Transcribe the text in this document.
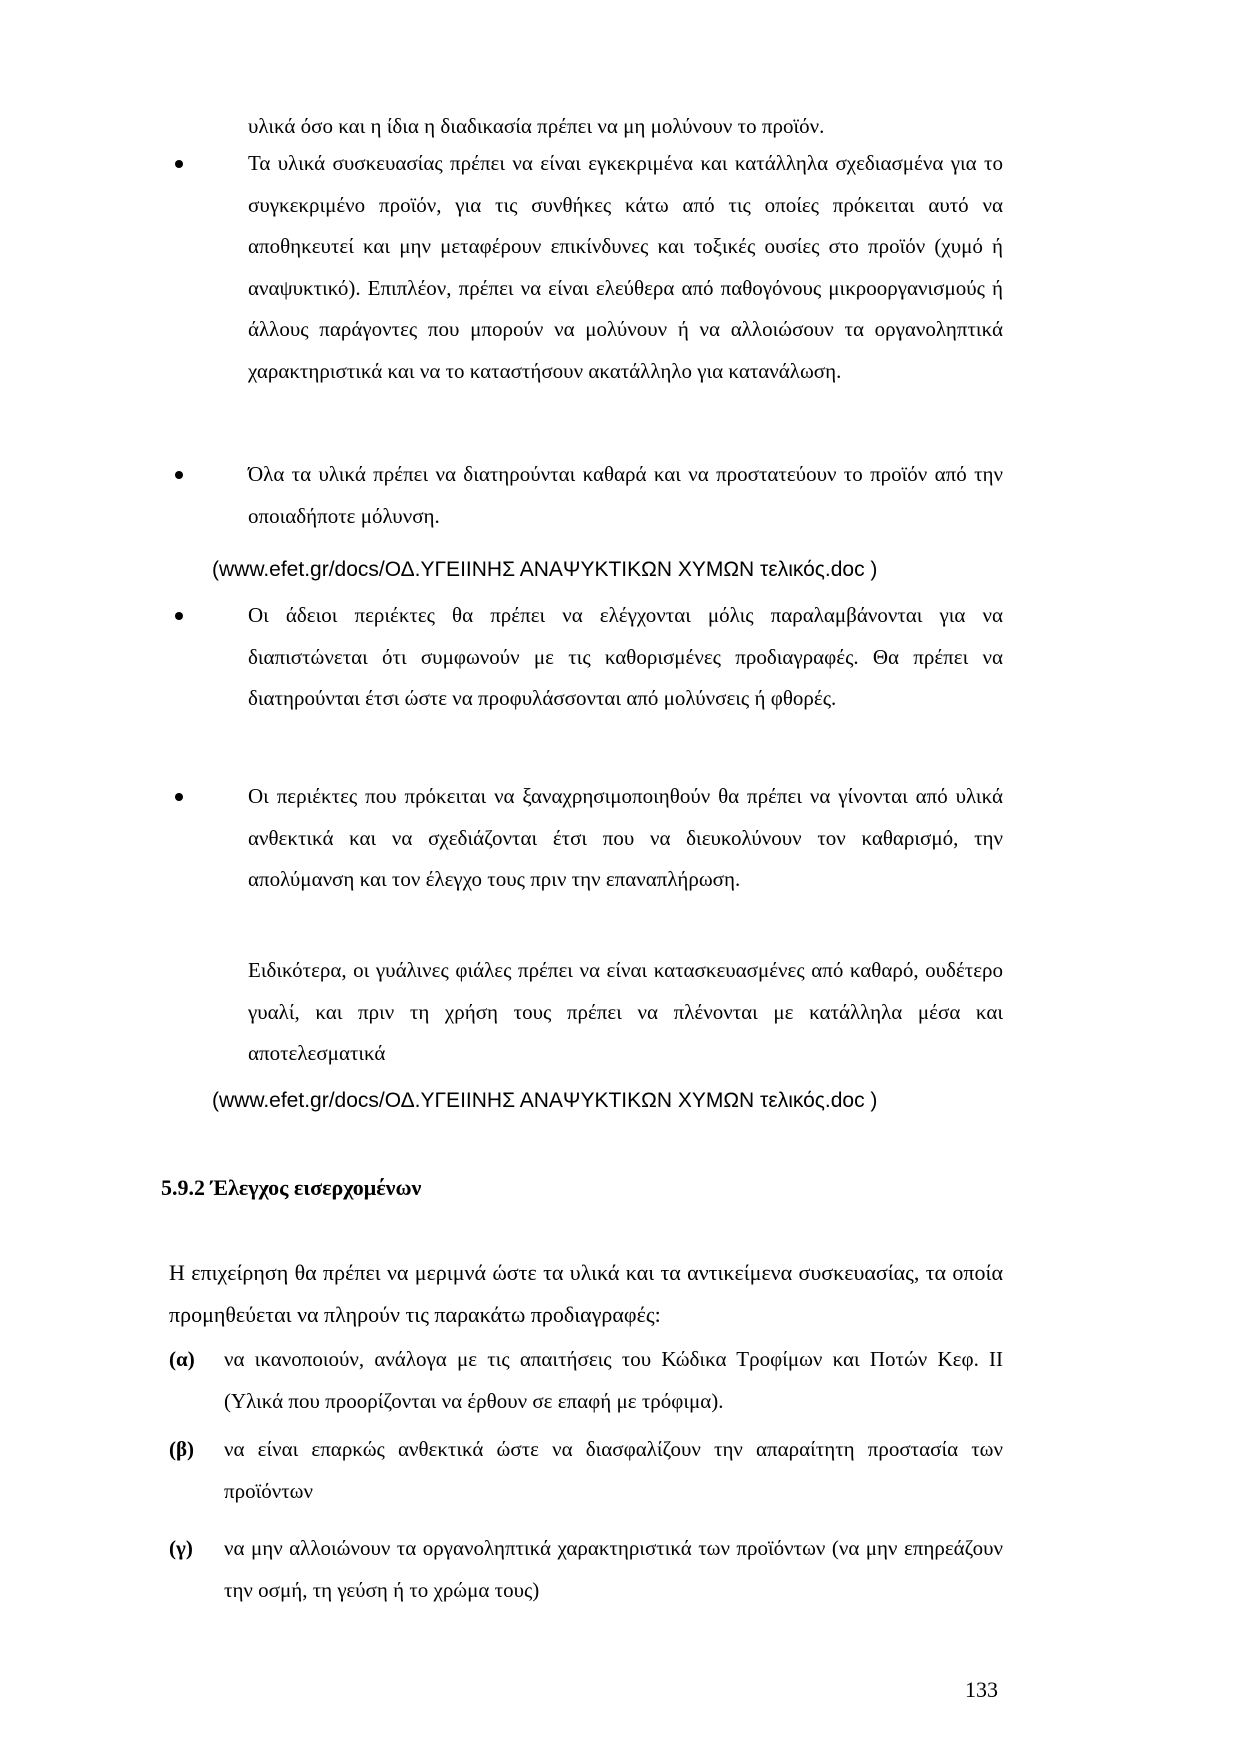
υλικά όσο και η ίδια η διαδικασία πρέπει να μη μολύνουν το προϊόν.

Τα υλικά συσκευασίας πρέπει να είναι εγκεκριμένα και κατάλληλα σχεδιασμένα για το συγκεκριμένο προϊόν, για τις συνθήκες κάτω από τις οποίες πρόκειται αυτό να αποθηκευτεί και μην μεταφέρουν επικίνδυνες και τοξικές ουσίες στο προϊόν (χυμό ή αναψυκτικό). Επιπλέον, πρέπει να είναι ελεύθερα από παθογόνους μικροοργανισμούς ή άλλους παράγοντες που μπορούν να μολύνουν ή να αλλοιώσουν τα οργανοληπτικά χαρακτηριστικά και να το καταστήσουν ακατάλληλο για κατανάλωση.

Όλα τα υλικά πρέπει να διατηρούνται καθαρά και να προστατεύουν το προϊόν από την οποιαδήποτε μόλυνση.

(www.efet.gr/docs/ΟΔ.ΥΓΕΙΙΝΗΣ ΑΝΑΨΥΚΤΙΚΩΝ ΧΥΜΩΝ τελικός.doc )

Οι άδειοι περιέκτες θα πρέπει να ελέγχονται μόλις παραλαμβάνονται για να διαπιστώνεται ότι συμφωνούν με τις καθορισμένες προδιαγραφές. Θα πρέπει να διατηρούνται έτσι ώστε να προφυλάσσονται από μολύνσεις ή φθορές.

Οι περιέκτες που πρόκειται να ξαναχρησιμοποιηθούν θα πρέπει να γίνονται από υλικά ανθεκτικά και να σχεδιάζονται έτσι που να διευκολύνουν τον καθαρισμό, την απολύμανση και τον έλεγχο τους πριν την επαναπλήρωση.

Ειδικότερα, οι γυάλινες φιάλες πρέπει να είναι κατασκευασμένες από καθαρό, ουδέτερο γυαλί, και πριν τη χρήση τους πρέπει να πλένονται με κατάλληλα μέσα και αποτελεσματικά

(www.efet.gr/docs/ΟΔ.ΥΓΕΙΙΝΗΣ ΑΝΑΨΥΚΤΙΚΩΝ ΧΥΜΩΝ τελικός.doc )
5.9.2 Έλεγχος εισερχομένων

Η επιχείρηση θα πρέπει να μεριμνά ώστε τα υλικά και τα αντικείμενα συσκευασίας, τα οποία προμηθεύεται να πληρούν τις παρακάτω προδιαγραφές:

(α) να ικανοποιούν, ανάλογα με τις απαιτήσεις του Κώδικα Τροφίμων και Ποτών Κεφ. ΙΙ (Υλικά που προορίζονται να έρθουν σε επαφή με τρόφιμα).

(β) να είναι επαρκώς ανθεκτικά ώστε να διασφαλίζουν την απαραίτητη προστασία των προϊόντων

(γ) να μην αλλοιώνουν τα οργανοληπτικά χαρακτηριστικά των προϊόντων (να μην επηρεάζουν την οσμή, τη γεύση ή το χρώμα τους)

133
